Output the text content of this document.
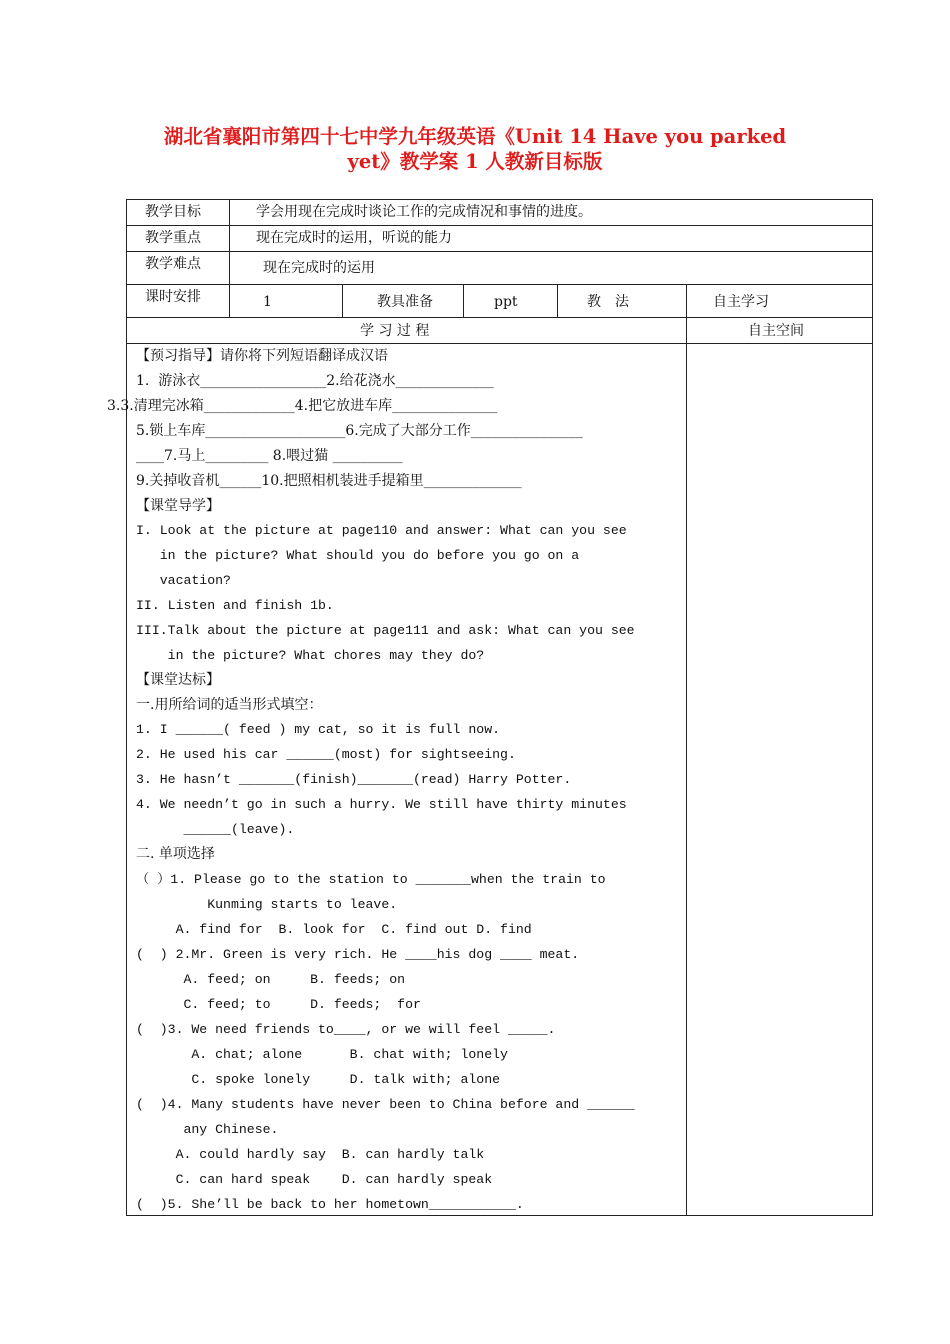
湖北省襄阳市第四十七中学九年级英语《Unit 14 Have you parked
yet》教学案 1 人教新目标版
教学目标	学会用现在完成时谈论工作的完成情况和事情的进度。
教学重点	现在完成时的运用，听说的能力
教学难点	现在完成时的运用
课时安排	1	教具准备	ppt	教　法	自主学习
学 习 过 程	自主空间
【预习指导】请你将下列短语翻译成汉语
1.  游泳衣__________________2.给花浇水______________
3.3.清理完冰箱_____________4.把它放进车库_______________
5.锁上车库____________________6.完成了大部分工作________________
____7.马上_________ 8.喂过猫 __________
9.关掉收音机______10.把照相机装进手提箱里______________
【课堂导学】
I. Look at the picture at page110 and answer: What can you see
in the picture? What should you do before you go on a
vacation?
II. Listen and finish 1b.
III.Talk about the picture at page111 and ask: What can you see
in the picture? What chores may they do?
【课堂达标】
一.用所给词的适当形式填空：
1. I ______( feed ) my cat, so it is full now.
2. He used his car ______(most) for sightseeing.
3. He hasn’t _______(finish)_______(read) Harry Potter.
4. We needn’t go in such a hurry. We still have thirty minutes
______(leave).
二. 单项选择
（ ）1. Please go to the station to _______when the train to
Kunming starts to leave.
A. find for  B. look for  C. find out D. find
(  ) 2.Mr. Green is very rich. He ____his dog ____ meat.
A. feed; on     B. feeds; on
C. feed; to     D. feeds;  for
(  )3. We need friends to____, or we will feel _____.
A. chat; alone      B. chat with; lonely
C. spoke lonely     D. talk with; alone
(  )4. Many students have never been to China before and ______
any Chinese.
A. could hardly say  B. can hardly talk
C. can hard speak    D. can hardly speak
(  )5. She’ll be back to her hometown___________.
